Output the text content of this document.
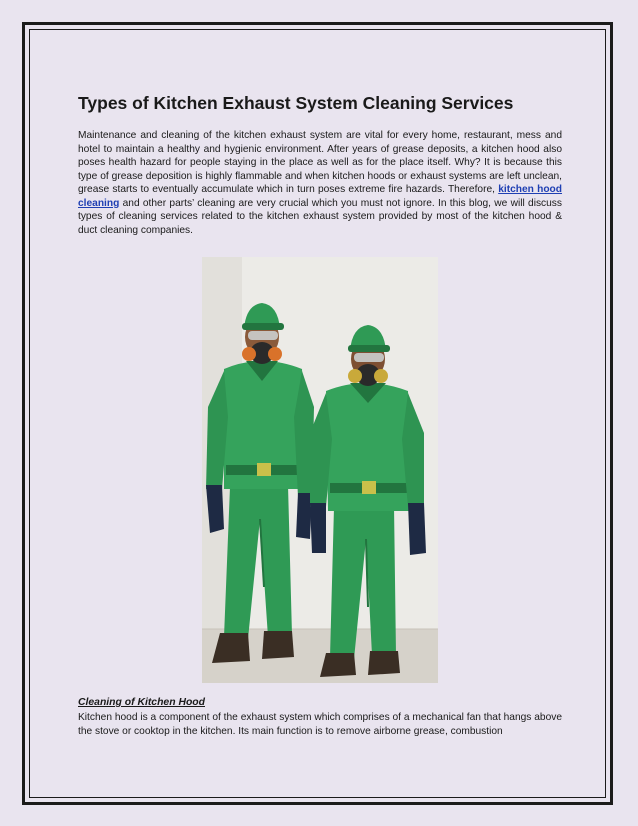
Types of Kitchen Exhaust System Cleaning Services

Maintenance and cleaning of the kitchen exhaust system are vital for every home, restaurant, mess and hotel to maintain a healthy and hygienic environment. After years of grease deposits, a kitchen hood also poses health hazard for people staying in the place as well as for the place itself. Why? It is because this type of grease deposition is highly flammable and when kitchen hoods or exhaust systems are left unclean, grease starts to eventually accumulate which in turn poses extreme fire hazards. Therefore, kitchen hood cleaning and other parts’ cleaning are very crucial which you must not ignore. In this blog, we will discuss types of cleaning services related to the kitchen exhaust system provided by most of the kitchen hood & duct cleaning companies.

Cleaning of Kitchen Hood

Kitchen hood is a component of the exhaust system which comprises of a mechanical fan that hangs above the stove or cooktop in the kitchen. Its main function is to remove airborne grease, combustion
